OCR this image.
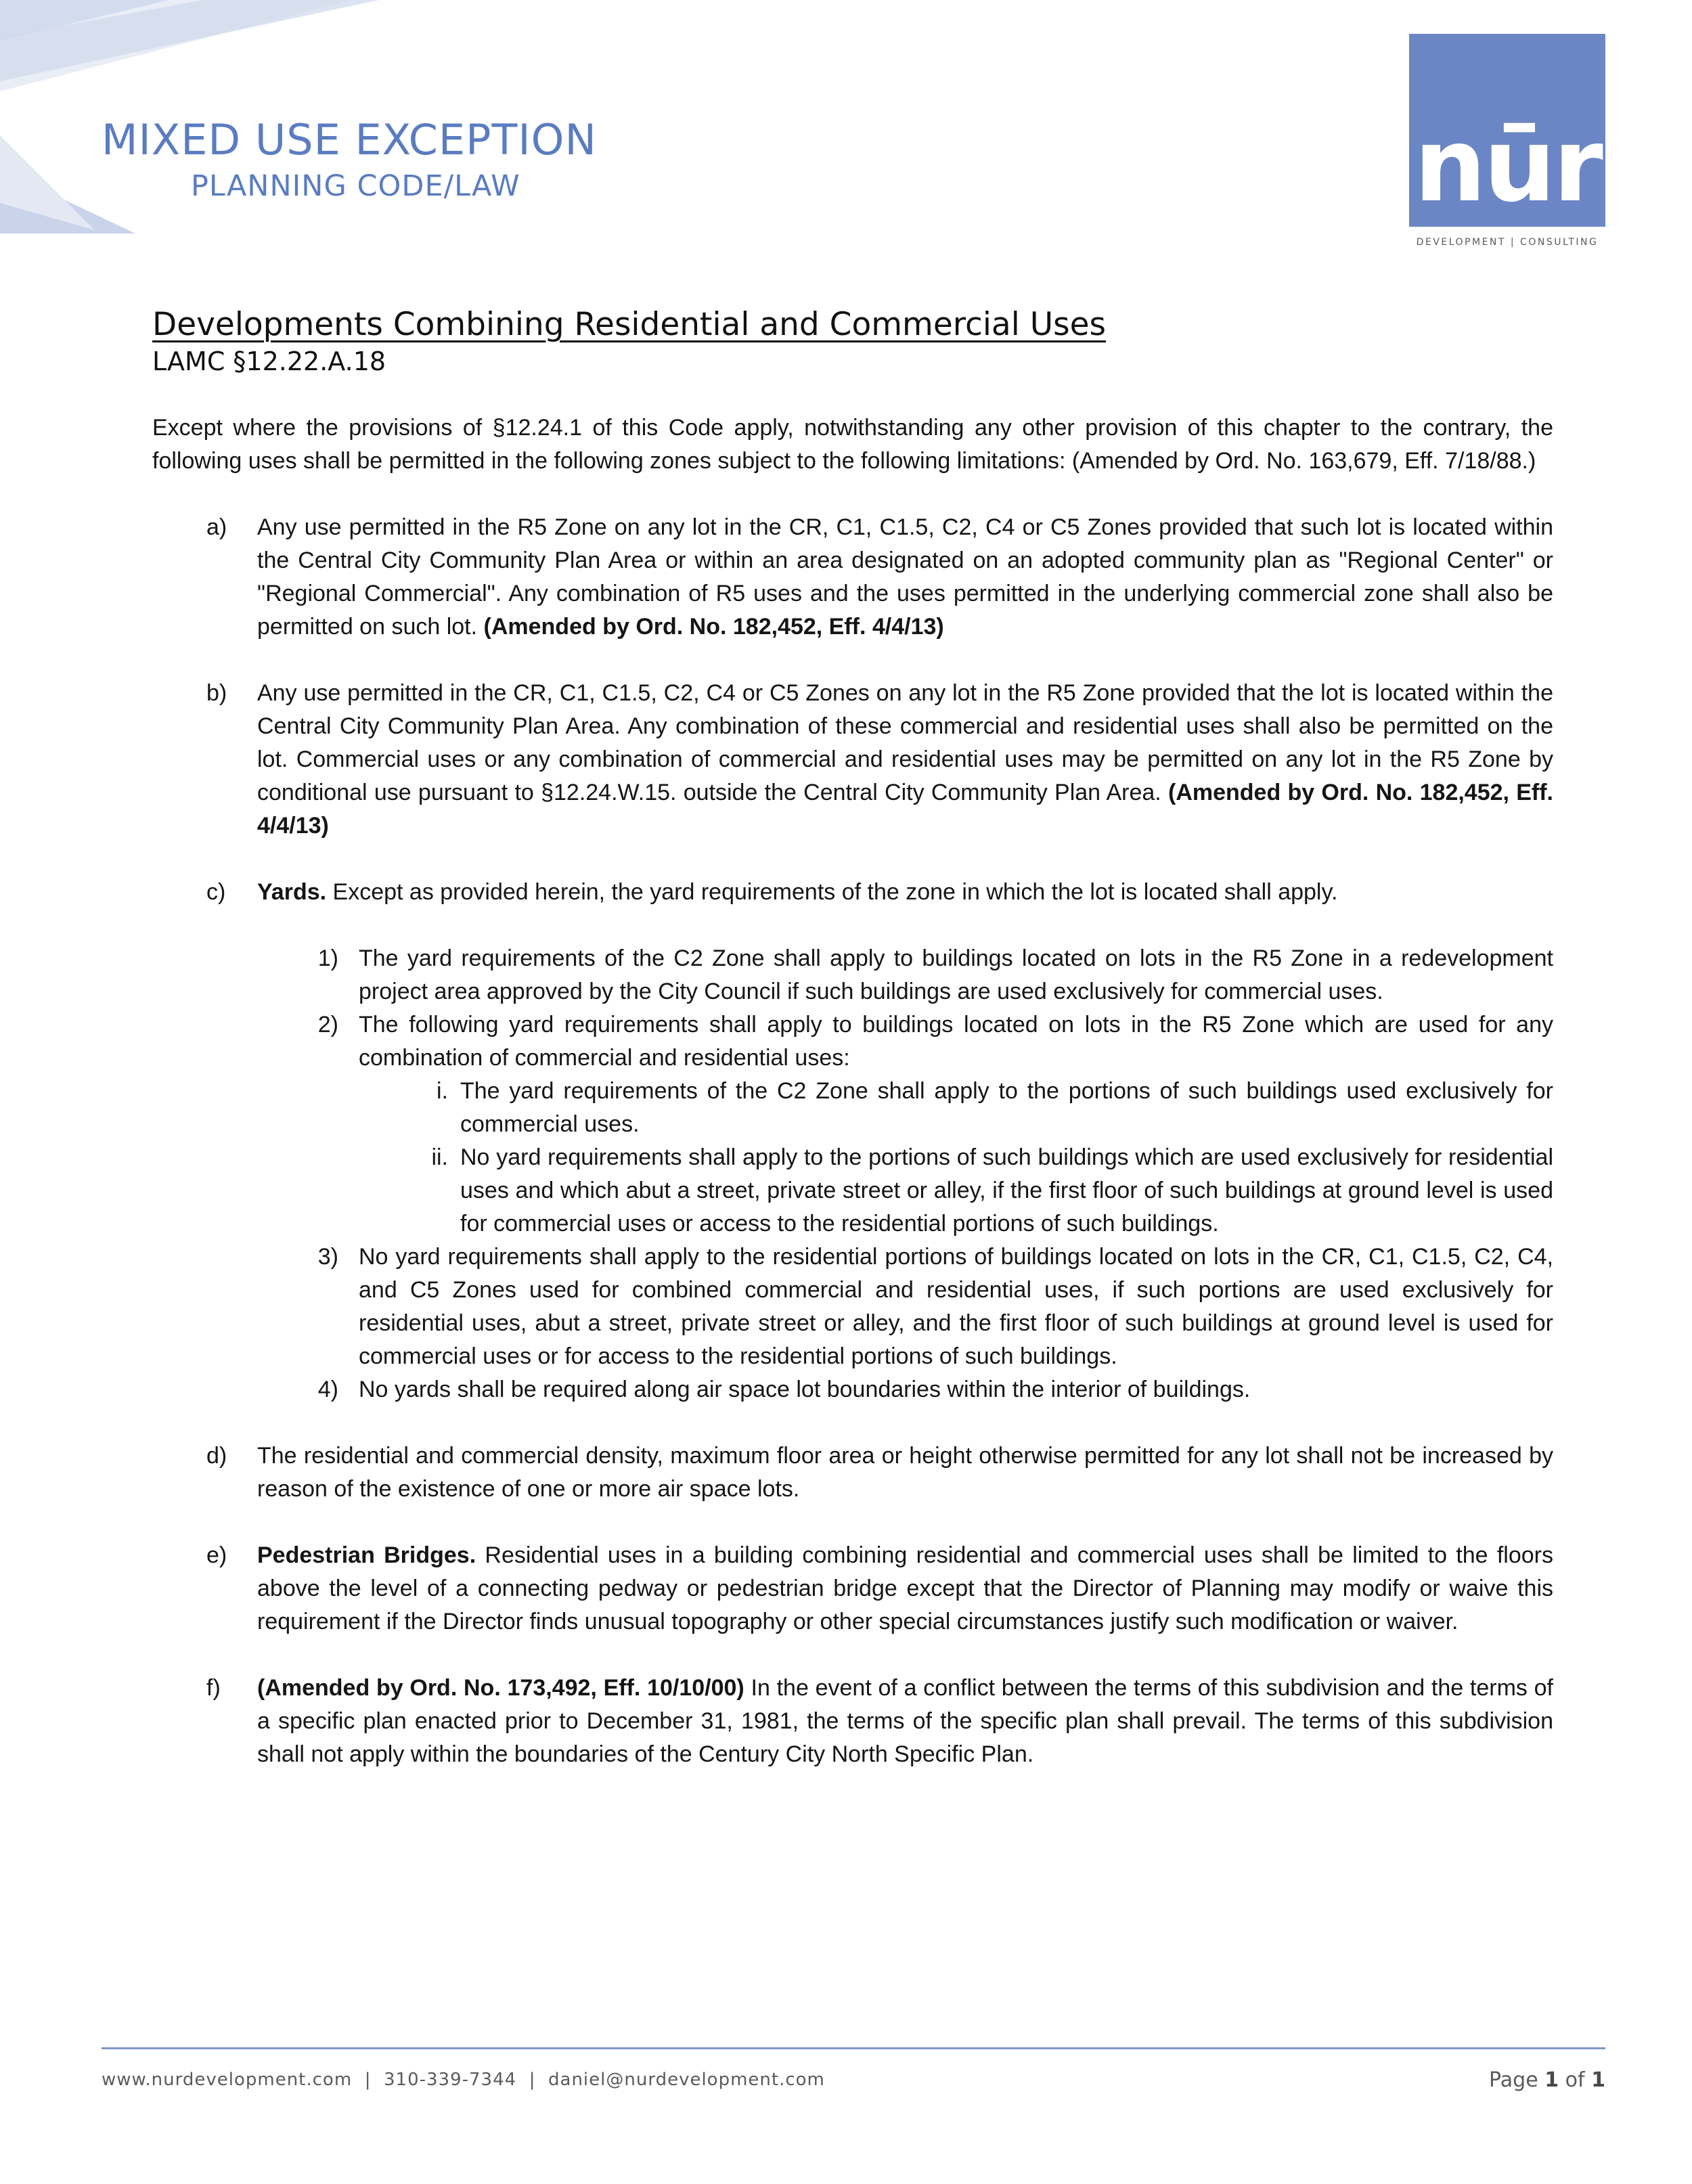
MIXED USE EXCEPTION
PLANNING CODE/LAW	nūr
DEVELOPMENT | CONSULTING
Developments Combining Residential and Commercial Uses
LAMC §12.22.A.18

Except where the provisions of §12.24.1 of this Code apply, notwithstanding any other provision of this chapter to the contrary, the following uses shall be permitted in the following zones subject to the following limitations: (Amended by Ord. No. 163,679, Eff. 7/18/88.)

a)	Any use permitted in the R5 Zone on any lot in the CR, C1, C1.5, C2, C4 or C5 Zones provided that such lot is located within the Central City Community Plan Area or within an area designated on an adopted community plan as "Regional Center" or "Regional Commercial". Any combination of R5 uses and the uses permitted in the underlying commercial zone shall also be permitted on such lot. (Amended by Ord. No. 182,452, Eff. 4/4/13)
b)	Any use permitted in the CR, C1, C1.5, C2, C4 or C5 Zones on any lot in the R5 Zone provided that the lot is located within the Central City Community Plan Area. Any combination of these commercial and residential uses shall also be permitted on the lot. Commercial uses or any combination of commercial and residential uses may be permitted on any lot in the R5 Zone by conditional use pursuant to §12.24.W.15. outside the Central City Community Plan Area. (Amended by Ord. No. 182,452, Eff. 4/4/13)
c)	Yards. Except as provided herein, the yard requirements of the zone in which the lot is located shall apply.

1) The yard requirements of the C2 Zone shall apply to buildings located on lots in the R5 Zone in a redevelopment project area approved by the City Council if such buildings are used exclusively for commercial uses.
2) The following yard requirements shall apply to buildings located on lots in the R5 Zone which are used for any combination of commercial and residential uses:
i. The yard requirements of the C2 Zone shall apply to the portions of such buildings used exclusively for commercial uses.
ii. No yard requirements shall apply to the portions of such buildings which are used exclusively for residential uses and which abut a street, private street or alley, if the first floor of such buildings at ground level is used for commercial uses or access to the residential portions of such buildings.
3) No yard requirements shall apply to the residential portions of buildings located on lots in the CR, C1, C1.5, C2, C4, and C5 Zones used for combined commercial and residential uses, if such portions are used exclusively for residential uses, abut a street, private street or alley, and the first floor of such buildings at ground level is used for commercial uses or for access to the residential portions of such buildings.
4) No yards shall be required along air space lot boundaries within the interior of buildings.
d)	The residential and commercial density, maximum floor area or height otherwise permitted for any lot shall not be increased by reason of the existence of one or more air space lots.
e)	Pedestrian Bridges. Residential uses in a building combining residential and commercial uses shall be limited to the floors above the level of a connecting pedway or pedestrian bridge except that the Director of Planning may modify or waive this requirement if the Director finds unusual topography or other special circumstances justify such modification or waiver.
f)	(Amended by Ord. No. 173,492, Eff. 10/10/00) In the event of a conflict between the terms of this subdivision and the terms of a specific plan enacted prior to December 31, 1981, the terms of the specific plan shall prevail. The terms of this subdivision shall not apply within the boundaries of the Century City North Specific Plan.
www.nurdevelopment.com | 310-339-7344 | daniel@nurdevelopment.com	Page 1 of 1
